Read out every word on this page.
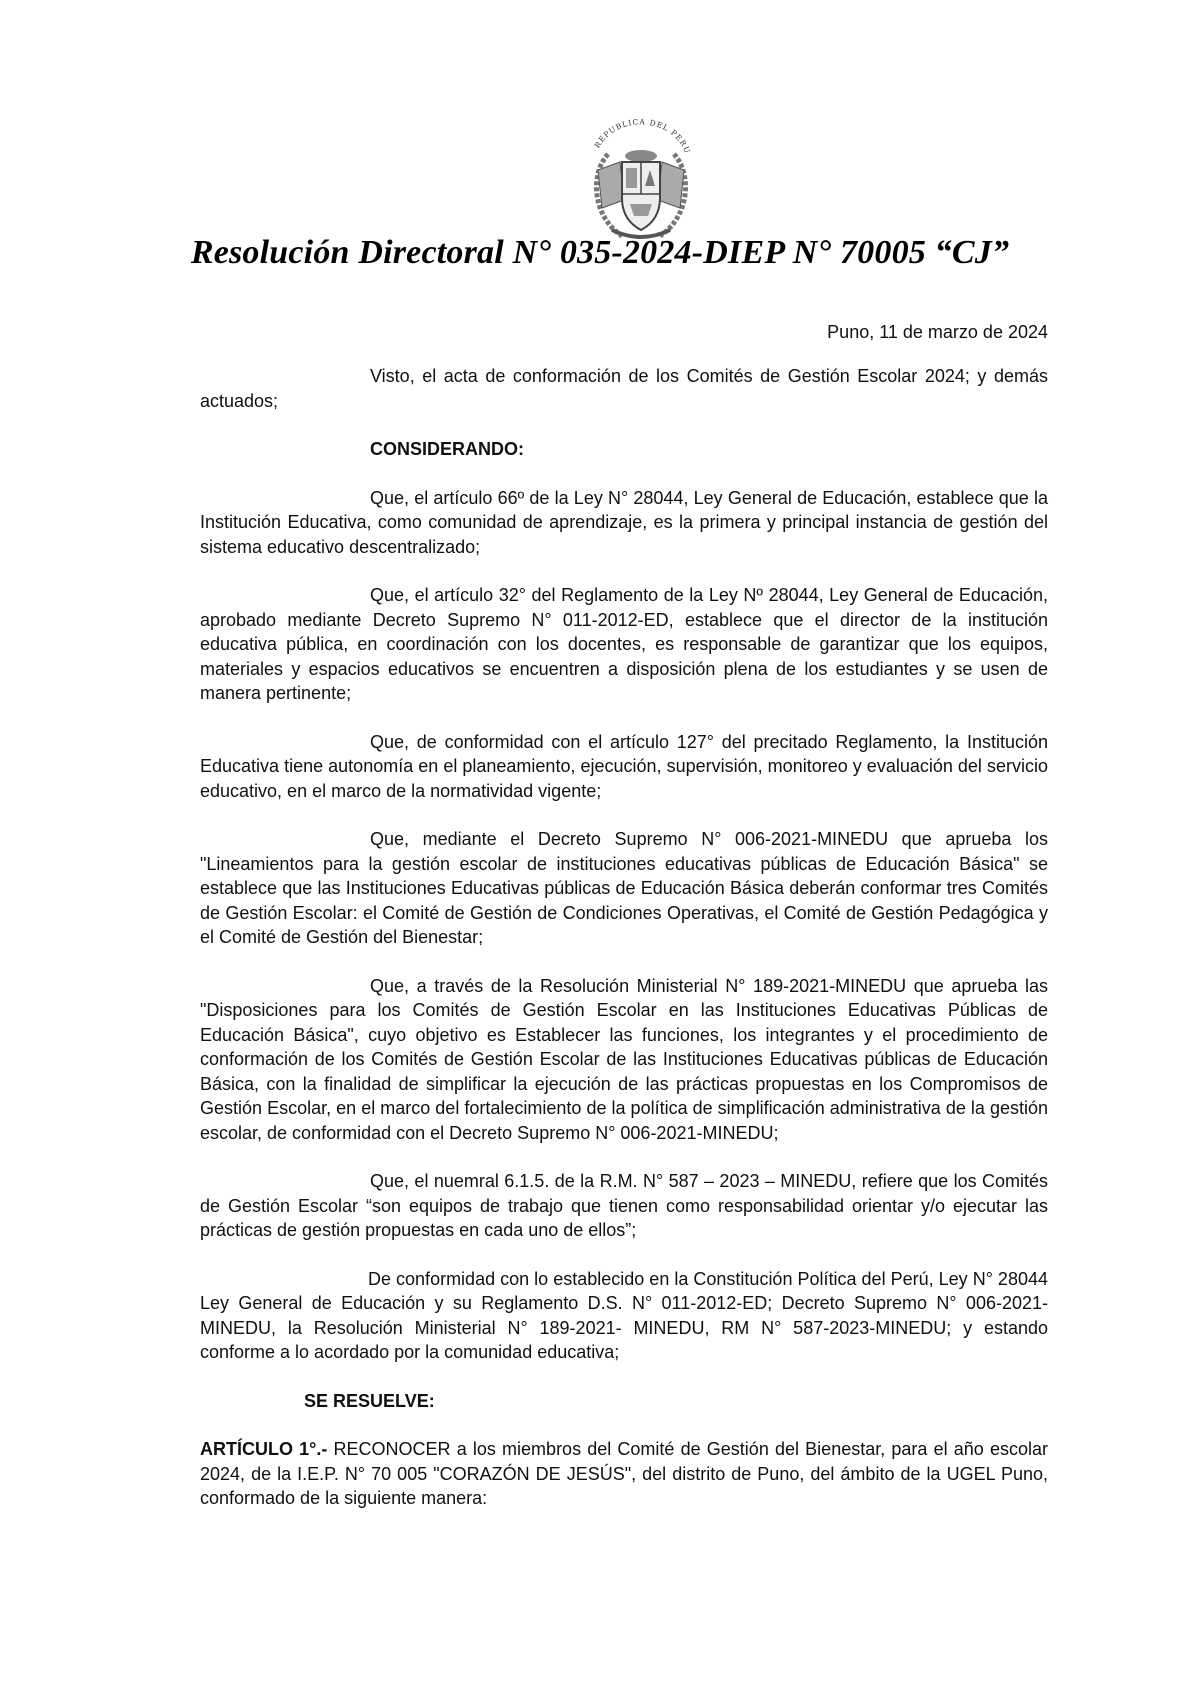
REPUBLICA DEL PERU
Resolución Directoral N° 035-2024-DIEP N° 70005 “CJ”
Puno, 11 de marzo de 2024

Visto, el acta de conformación de los Comités de Gestión Escolar 2024; y demás actuados;

CONSIDERANDO:

Que, el artículo 66º de la Ley N° 28044, Ley General de Educación, establece que la Institución Educativa, como comunidad de aprendizaje, es la primera y principal instancia de gestión del sistema educativo descentralizado;

Que, el artículo 32° del Reglamento de la Ley Nº 28044, Ley General de Educación, aprobado mediante Decreto Supremo N° 011-2012-ED, establece que el director de la institución educativa pública, en coordinación con los docentes, es responsable de garantizar que los equipos, materiales y espacios educativos se encuentren a disposición plena de los estudiantes y se usen de manera pertinente;

Que, de conformidad con el artículo 127° del precitado Reglamento, la Institución Educativa tiene autonomía en el planeamiento, ejecución, supervisión, monitoreo y evaluación del servicio educativo, en el marco de la normatividad vigente;

Que, mediante el Decreto Supremo N° 006-2021-MINEDU que aprueba los "Lineamientos para la gestión escolar de instituciones educativas públicas de Educación Básica" se establece que las Instituciones Educativas públicas de Educación Básica deberán conformar tres Comités de Gestión Escolar: el Comité de Gestión de Condiciones Operativas, el Comité de Gestión Pedagógica y el Comité de Gestión del Bienestar;

Que, a través de la Resolución Ministerial N° 189-2021-MINEDU que aprueba las "Disposiciones para los Comités de Gestión Escolar en las Instituciones Educativas Públicas de Educación Básica", cuyo objetivo es Establecer las funciones, los integrantes y el procedimiento de conformación de los Comités de Gestión Escolar de las Instituciones Educativas públicas de Educación Básica, con la finalidad de simplificar la ejecución de las prácticas propuestas en los Compromisos de Gestión Escolar, en el marco del fortalecimiento de la política de simplificación administrativa de la gestión escolar, de conformidad con el Decreto Supremo N° 006-2021-MINEDU;

Que, el nuemral 6.1.5. de la R.M. N° 587 – 2023 – MINEDU, refiere que los Comités de Gestión Escolar “son equipos de trabajo que tienen como responsabilidad orientar y/o ejecutar las prácticas de gestión propuestas en cada uno de ellos”;

De conformidad con lo establecido en la Constitución Política del Perú, Ley N° 28044 Ley General de Educación y su Reglamento D.S. N° 011-2012-ED; Decreto Supremo N° 006-2021-MINEDU, la Resolución Ministerial N° 189-2021- MINEDU, RM N° 587-2023-MINEDU; y estando conforme a lo acordado por la comunidad educativa;

SE RESUELVE:

ARTÍCULO 1°.- RECONOCER a los miembros del Comité de Gestión del Bienestar, para el año escolar 2024, de la I.E.P. N° 70 005 "CORAZÓN DE JESÚS", del distrito de Puno, del ámbito de la UGEL Puno, conformado de la siguiente manera:
